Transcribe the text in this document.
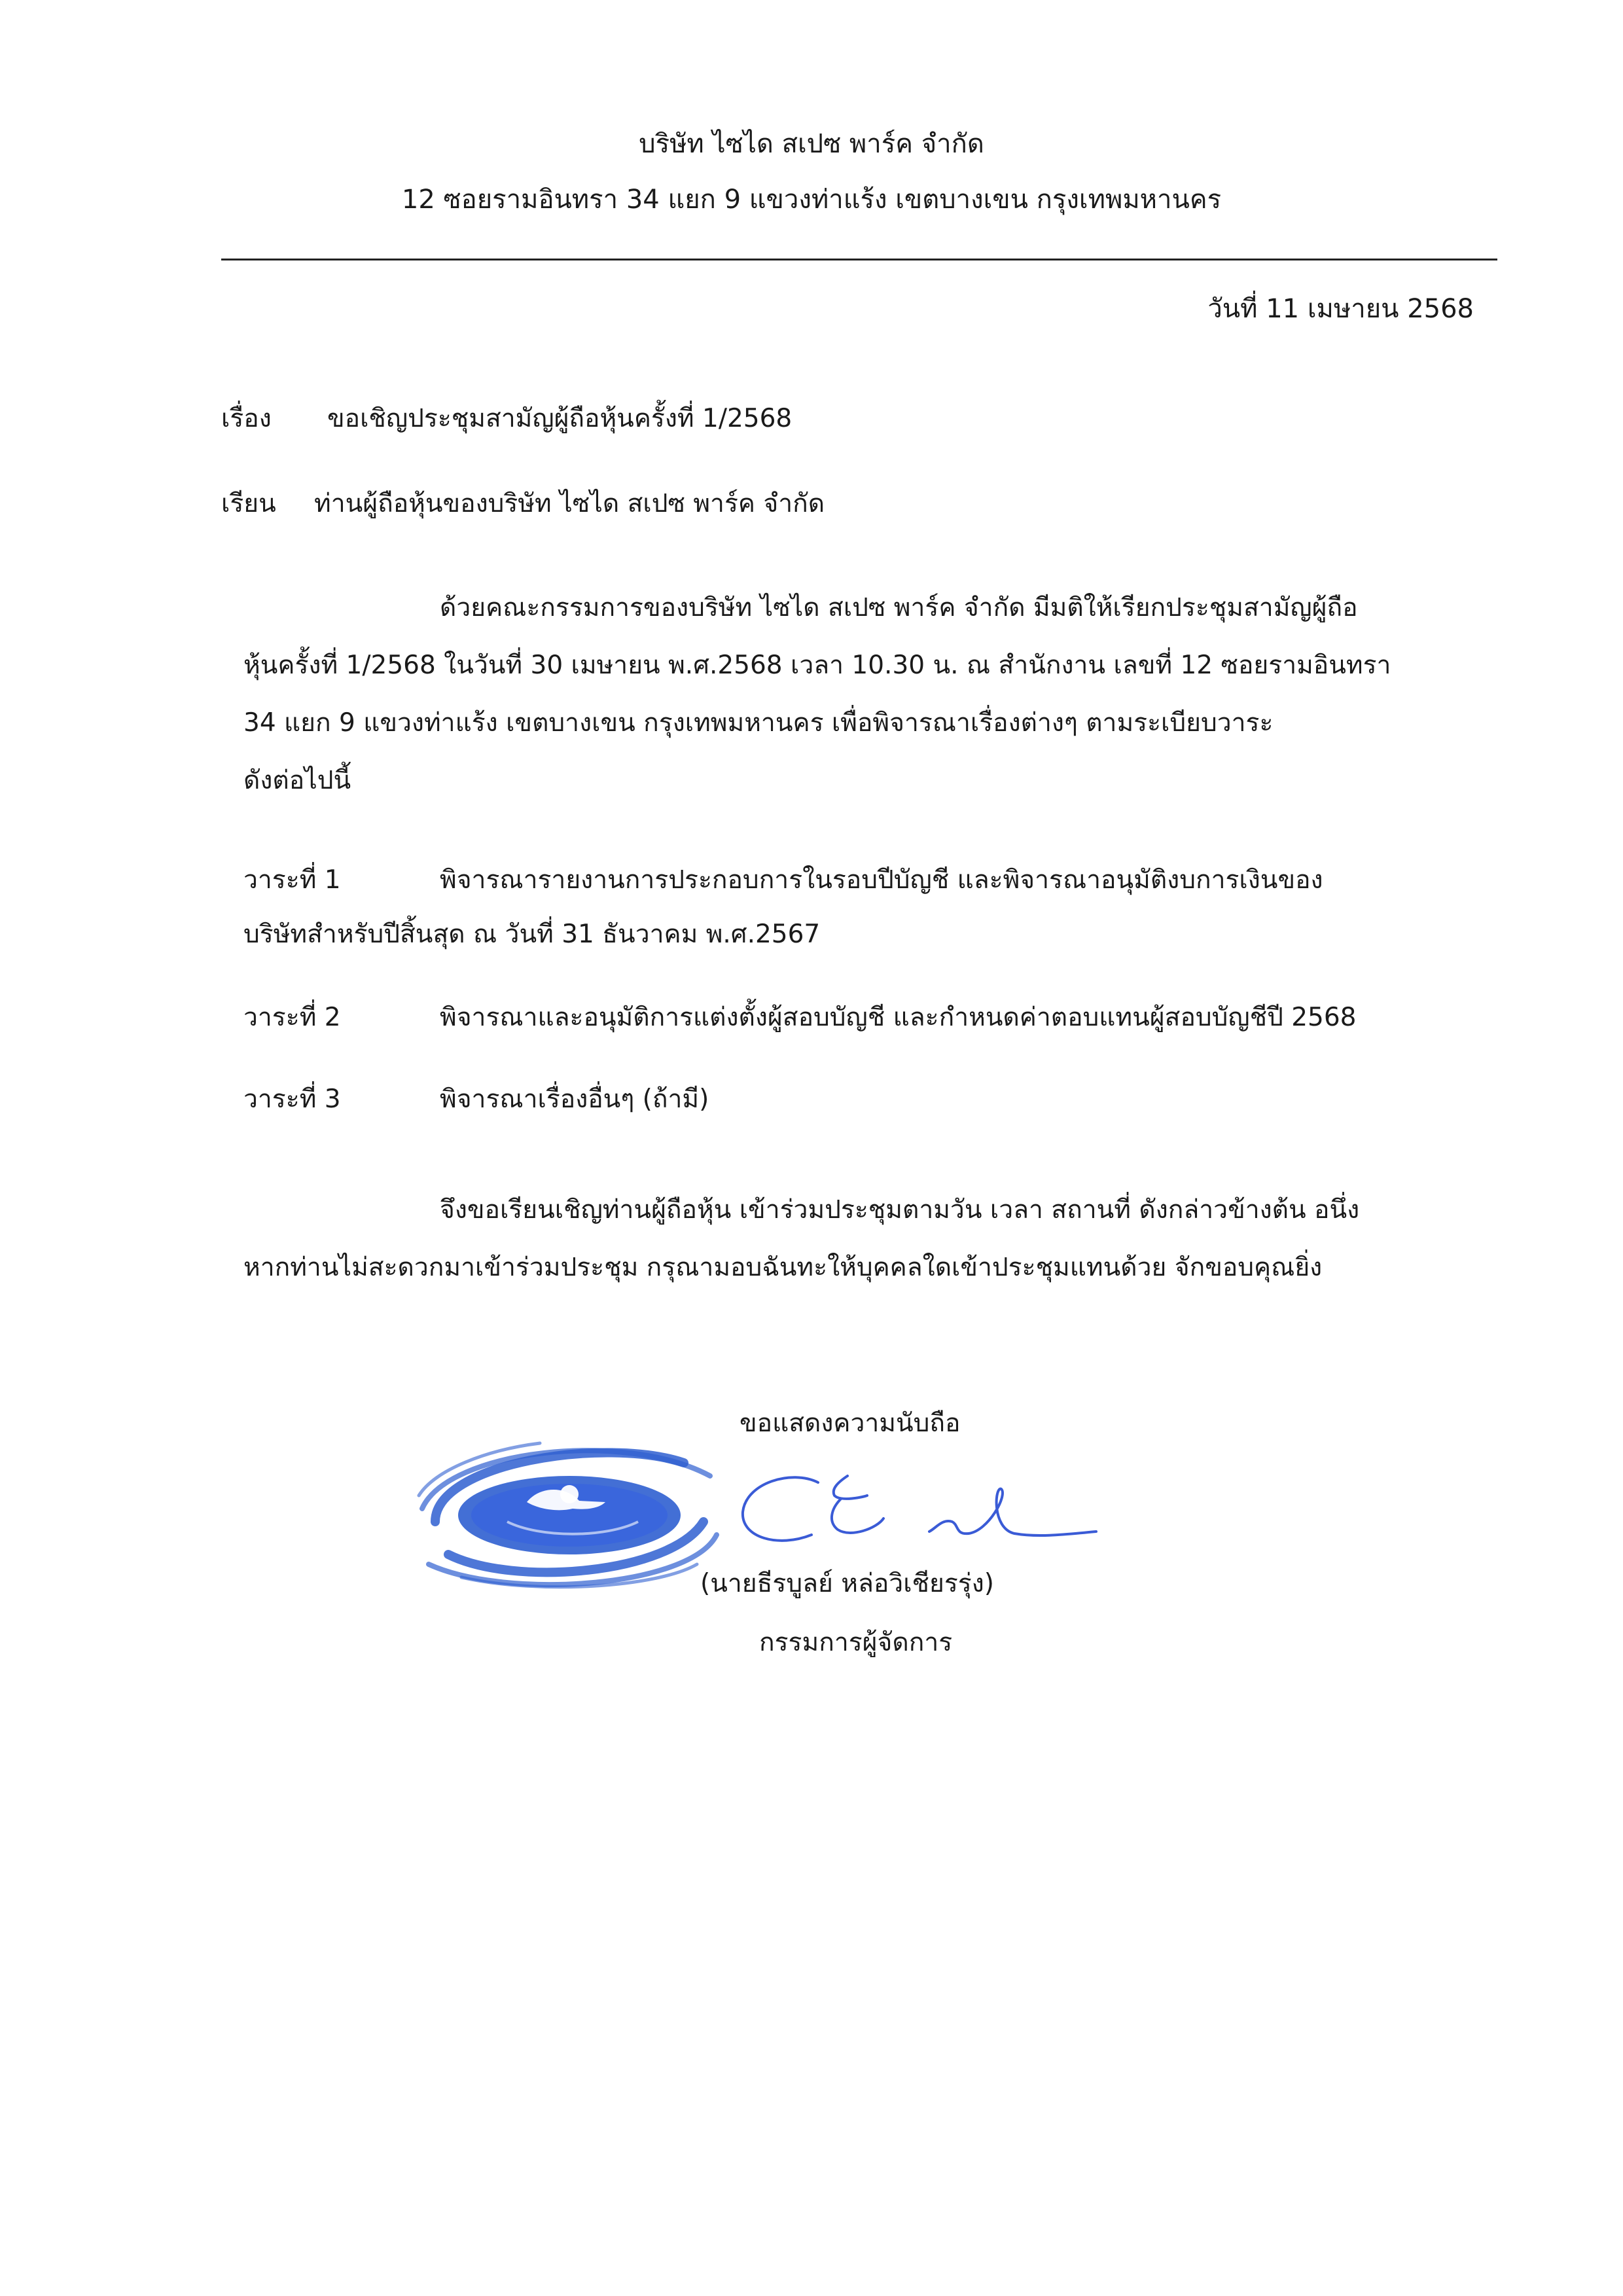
บริษัท ไซได สเปซ พาร์ค จำกัด
12 ซอยรามอินทรา 34 แยก 9 แขวงท่าแร้ง เขตบางเขน กรุงเทพมหานคร
วันที่ 11 เมษายน 2568
เรื่อง ขอเชิญประชุมสามัญผู้ถือหุ้นครั้งที่ 1/2568
เรียน ท่านผู้ถือหุ้นของบริษัท ไซได สเปซ พาร์ค จำกัด
ด้วยคณะกรรมการของบริษัท ไซได สเปซ พาร์ค จำกัด มีมติให้เรียกประชุมสามัญผู้ถือ
หุ้นครั้งที่ 1/2568 ในวันที่ 30 เมษายน พ.ศ.2568 เวลา 10.30 น. ณ สำนักงาน เลขที่ 12 ซอยรามอินทรา
34 แยก 9 แขวงท่าแร้ง เขตบางเขน กรุงเทพมหานคร เพื่อพิจารณาเรื่องต่างๆ ตามระเบียบวาระ
ดังต่อไปนี้
วาระที่ 1	พิจารณารายงานการประกอบการในรอบปีบัญชี และพิจารณาอนุมัติงบการเงินของ
บริษัทสำหรับปีสิ้นสุด ณ วันที่ 31 ธันวาคม พ.ศ.2567
วาระที่ 2	พิจารณาและอนุมัติการแต่งตั้งผู้สอบบัญชี และกำหนดค่าตอบแทนผู้สอบบัญชีปี 2568
วาระที่ 3	พิจารณาเรื่องอื่นๆ (ถ้ามี)
จึงขอเรียนเชิญท่านผู้ถือหุ้น เข้าร่วมประชุมตามวัน เวลา สถานที่ ดังกล่าวข้างต้น อนึ่ง
หากท่านไม่สะดวกมาเข้าร่วมประชุม กรุณามอบฉันทะให้บุคคลใดเข้าประชุมแทนด้วย จักขอบคุณยิ่ง
ขอแสดงความนับถือ
(นายธีรบูลย์ หล่อวิเชียรรุ่ง)
กรรมการผู้จัดการ
